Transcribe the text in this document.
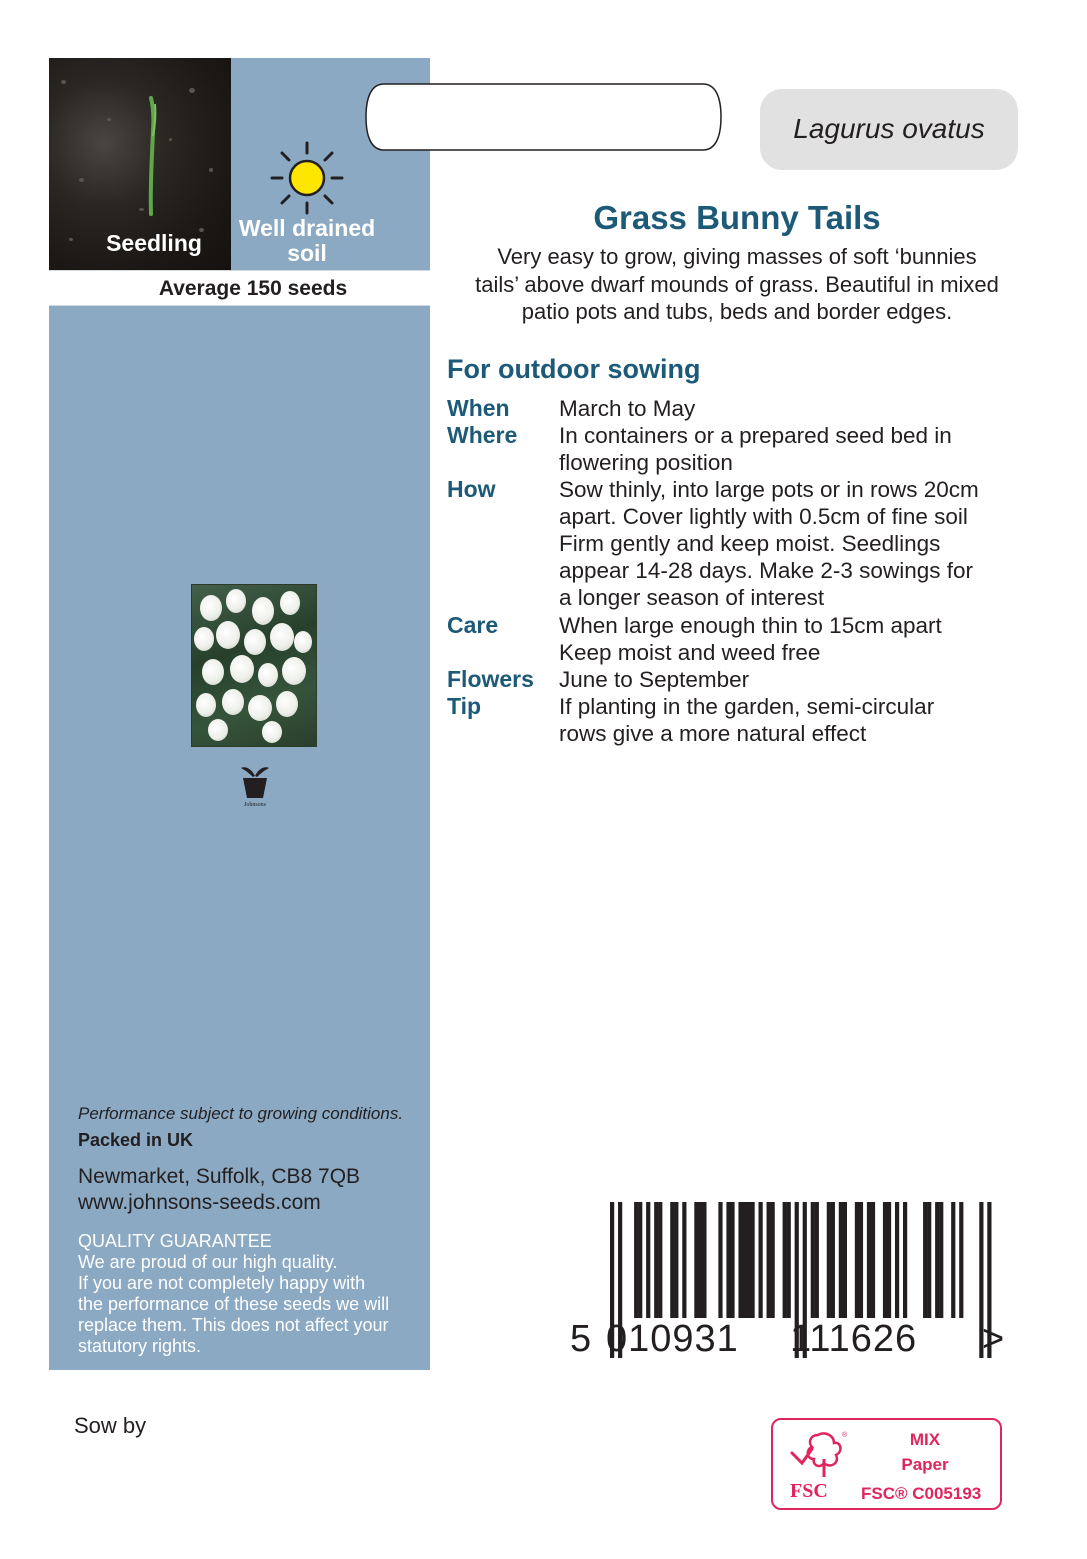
Seedling
Well drained
soil
Average 150 seeds
Johnsons
Performance subject to growing conditions.
Packed in UK
Newmarket, Suffolk, CB8 7QB
www.johnsons-seeds.com
QUALITY GUARANTEE
We are proud of our high quality.
If you are not completely happy with
the performance of these seeds we will
replace them. This does not affect your
statutory rights.
Lagurus ovatus
Grass Bunny Tails
Very easy to grow, giving masses of soft ‘bunnies
tails’ above dwarf mounds of grass. Beautiful in mixed
patio pots and tubs, beds and border edges.
For outdoor sowing
When March to May
Where In containers or a prepared seed bed in
flowering position
How	Sow thinly, into large pots or in rows 20cm
apart. Cover lightly with 0.5cm of fine soil
Firm gently and keep moist. Seedlings
appear 14-28 days. Make 2-3 sowings for
a longer season of interest
Care	When large enough thin to 15cm apart
Keep moist and weed free
Flowers June to September
Tip	If planting in the garden, semi-circular
rows give a more natural effect
5 010931 111626 >
Sow by	®
FSC
MIX
Paper
FSC® C005193
